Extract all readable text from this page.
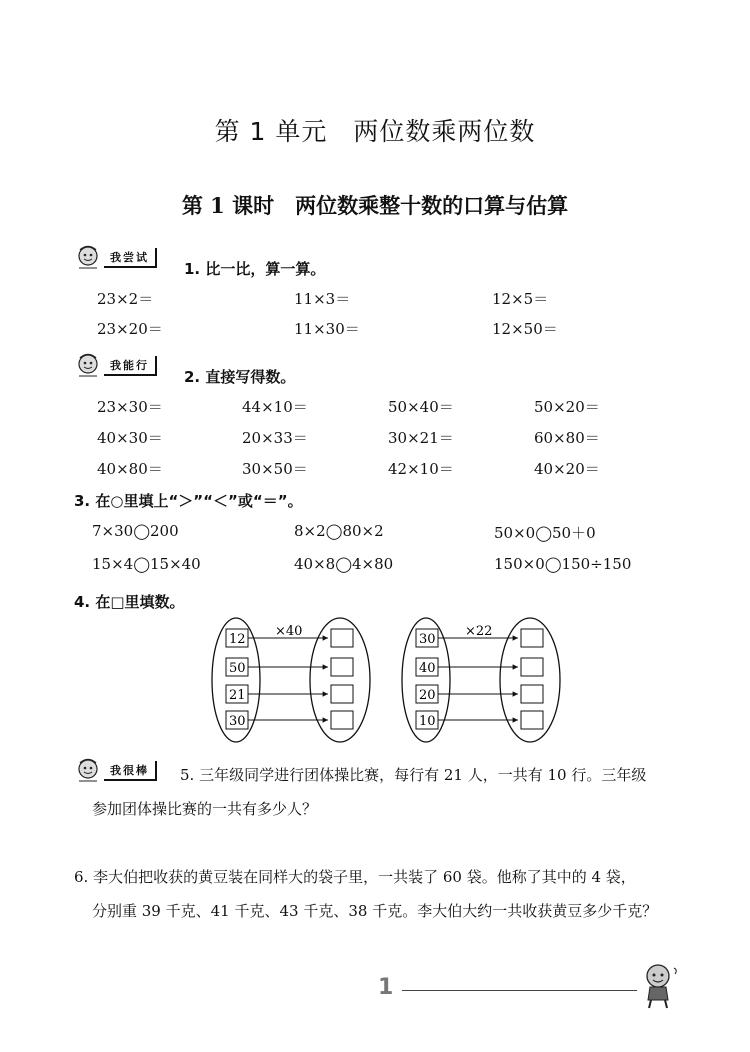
第 1 单元　两位数乘两位数
第 1 课时　两位数乘整十数的口算与估算
我尝试
1. 比一比，算一算。
23×2＝	11×3＝	12×5＝
23×20＝	11×30＝	12×50＝
我能行
2. 直接写得数。
23×30＝	44×10＝	50×40＝	50×20＝
40×30＝	20×33＝	30×21＝	60×80＝
40×80＝	30×50＝	42×10＝	40×20＝
3. 在○里填上“＞”“＜”或“＝”。
7×30◯200	8×2◯80×2	50×0◯50＋0
15×4◯15×40	40×8◯4×80	150×0◯150÷150
4. 在□里填数。
×40
12
50
21
30
×22
30
40
20
10
我很棒	5. 三年级同学进行团体操比赛，每行有 21 人，一共有 10 行。三年级
参加团体操比赛的一共有多少人？
6. 李大伯把收获的黄豆装在同样大的袋子里，一共装了 60 袋。他称了其中的 4 袋，
分别重 39 千克、41 千克、43 千克、38 千克。李大伯大约一共收获黄豆多少千克？
1
